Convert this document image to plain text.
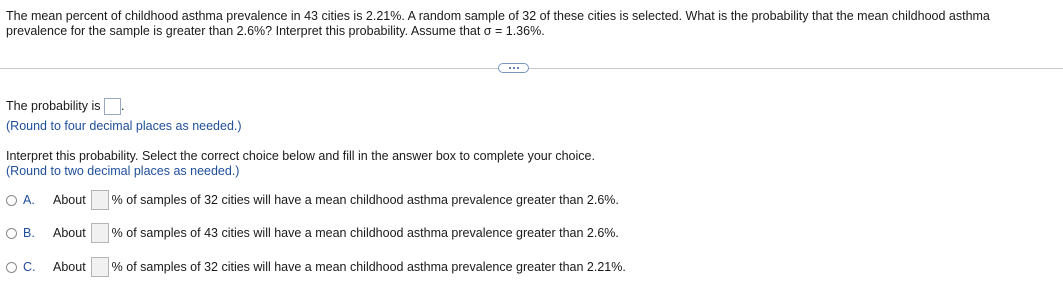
The mean percent of childhood asthma prevalence in 43 cities is 2.21%. A random sample of 32 of these cities is selected. What is the probability that the mean childhood asthma prevalence for the sample is greater than 2.6%? Interpret this probability. Assume that σ = 1.36%.
The probability is .
(Round to four decimal places as needed.)
Interpret this probability. Select the correct choice below and fill in the answer box to complete your choice.
(Round to two decimal places as needed.)
A.	About % of samples of 32 cities will have a mean childhood asthma prevalence greater than 2.6%.
B.	About % of samples of 43 cities will have a mean childhood asthma prevalence greater than 2.6%.
C.	About % of samples of 32 cities will have a mean childhood asthma prevalence greater than 2.21%.
